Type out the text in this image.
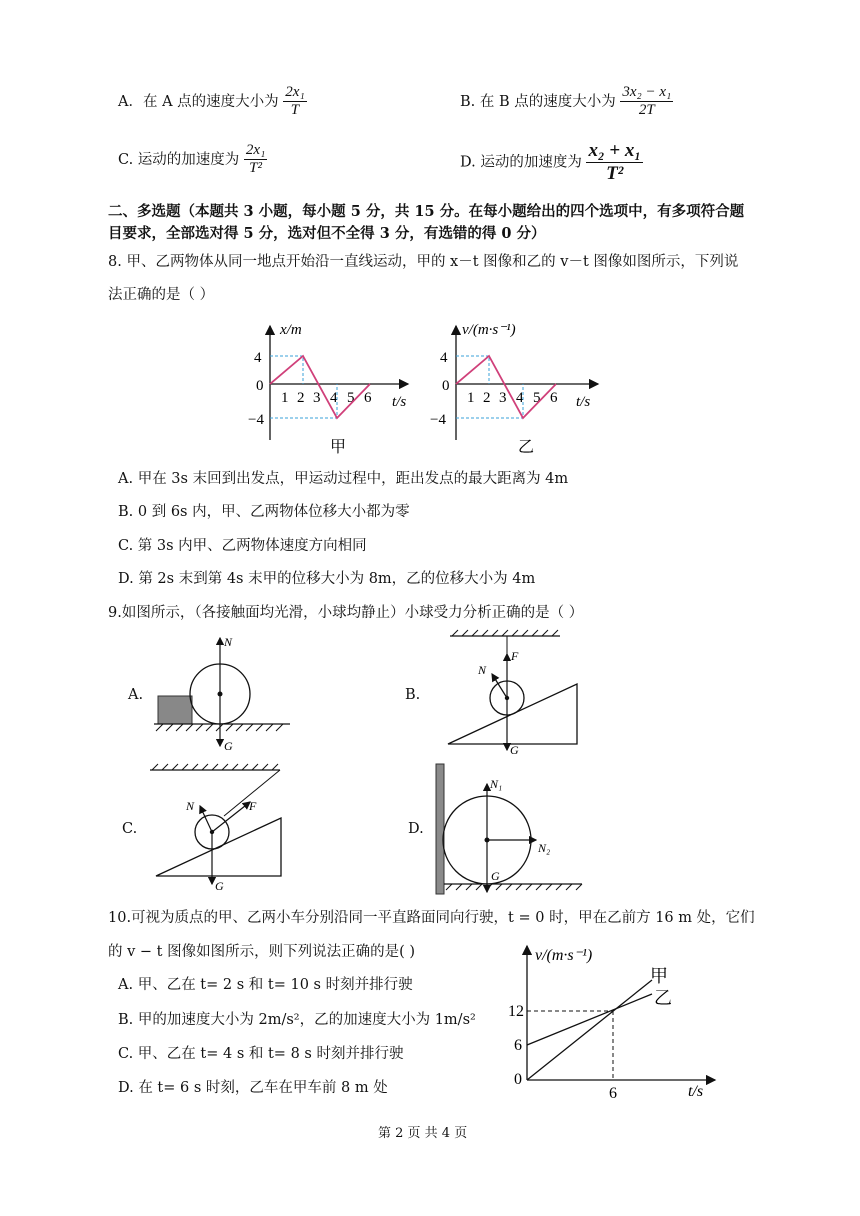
A．在 A 点的速度大小为 $\frac{\text{2x₁}}{T}$	B. 在 B 点的速度大小为 $\frac{\text{3x₂ − x₁}}{2T}$
C. 运动的加速度为 $\frac{\text{2x₁}}{\text{T²}}$	D. 运动的加速度为 $\frac{\text{x₂ + x₁}}{\text{T²}}$
二、多选题（本题共 3 小题，每小题 5 分，共 15 分。在每小题给出的四个选项中，有多项符合题
目要求，全部选对得 5 分，选对但不全得 3 分，有选错的得 0 分）
8. 甲、乙两物体从同一地点开始沿一直线运动，甲的 x－t 图像和乙的 v－t 图像如图所示，下列说
法正确的是（ ）
x/m
t/s
4
0
−4
1 2 3 4 5 6
甲
v/(m·s⁻¹)
t/s
4
0
−4
1 2 3 4 5 6
乙
A. 甲在 3s 末回到出发点，甲运动过程中，距出发点的最大距离为 4m
B. 0 到 6s 内，甲、乙两物体位移大小都为零
C. 第 3s 内甲、乙两物体速度方向相同
D. 第 2s 末到第 4s 末甲的位移大小为 8m，乙的位移大小为 4m
9.如图所示，（各接触面均光滑，小球均静止）小球受力分析正确的是（ ）
A.
N
G
B.
F
N
G
C.
F
N
G
D.
N₁
N₂
G
10.可视为质点的甲、乙两小车分别沿同一平直路面同向行驶，t = 0 时，甲在乙前方 16 m 处，它们
的 v − t 图像如图所示，则下列说法正确的是( )
A. 甲、乙在 t= 2 s 和 t= 10 s 时刻并排行驶
B. 甲的加速度大小为 2m/s²，乙的加速度大小为 1m/s²
C. 甲、乙在 t= 4 s 和 t= 8 s 时刻并排行驶
D. 在 t= 6 s 时刻，乙车在甲车前 8 m 处
v/(m·s⁻¹)
t/s
12
6
0
6
甲
乙
第 2 页 共 4 页
